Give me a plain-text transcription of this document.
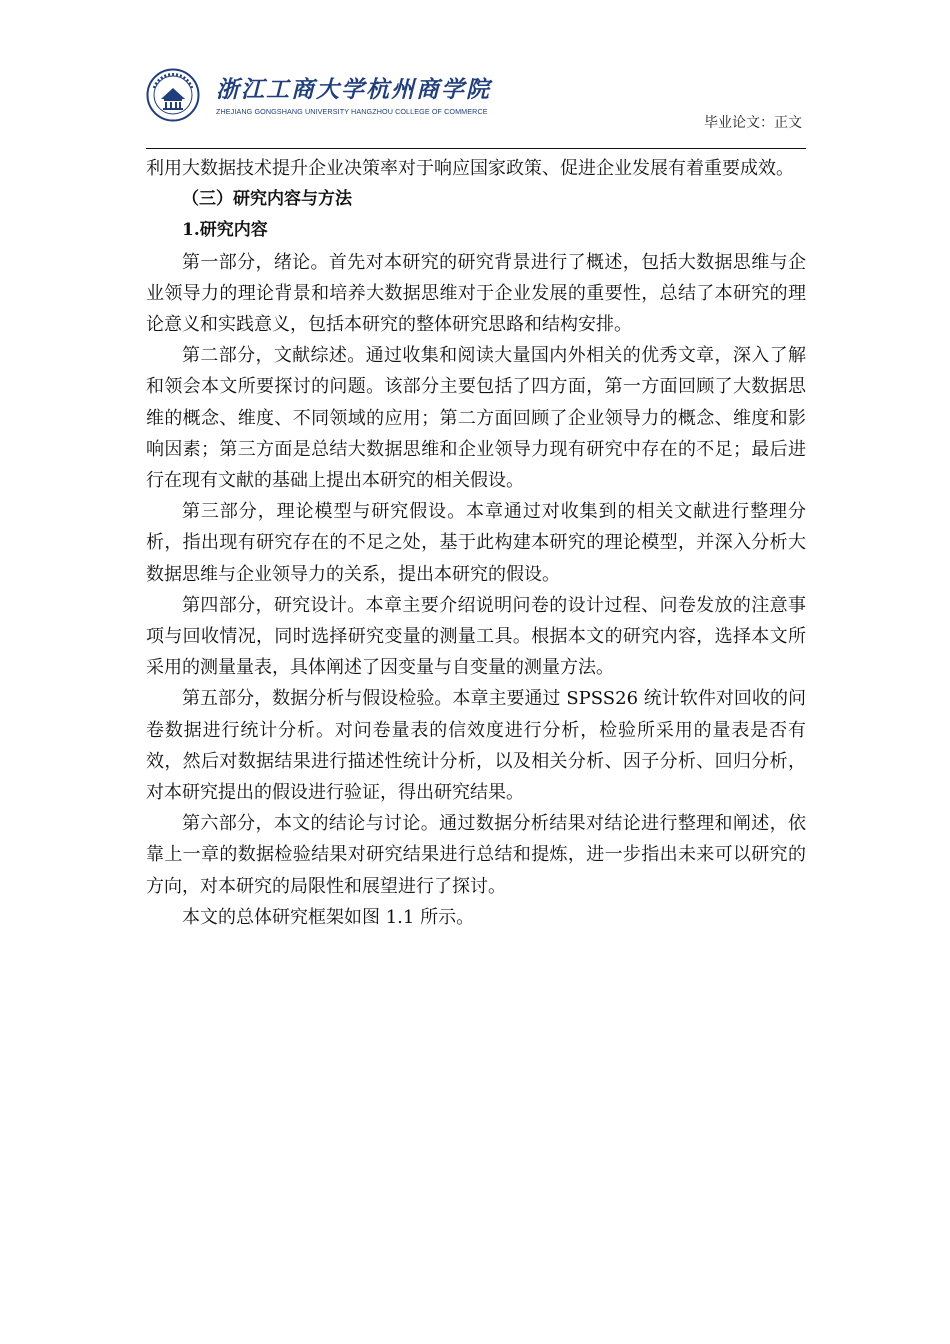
浙江工商大学杭州商学院
ZHEJIANG GONGSHANG UNIVERSITY HANGZHOU COLLEGE OF COMMERCE
毕业论文：正文

利用大数据技术提升企业决策率对于响应国家政策、促进企业发展有着重要成效。

（三）研究内容与方法
1.研究内容

第一部分，绪论。首先对本研究的研究背景进行了概述，包括大数据思维与企业领导力的理论背景和培养大数据思维对于企业发展的重要性，总结了本研究的理论意义和实践意义，包括本研究的整体研究思路和结构安排。

第二部分，文献综述。通过收集和阅读大量国内外相关的优秀文章，深入了解和领会本文所要探讨的问题。该部分主要包括了四方面，第一方面回顾了大数据思维的概念、维度、不同领域的应用；第二方面回顾了企业领导力的概念、维度和影响因素；第三方面是总结大数据思维和企业领导力现有研究中存在的不足；最后进行在现有文献的基础上提出本研究的相关假设。

第三部分，理论模型与研究假设。本章通过对收集到的相关文献进行整理分析，指出现有研究存在的不足之处，基于此构建本研究的理论模型，并深入分析大数据思维与企业领导力的关系，提出本研究的假设。

第四部分，研究设计。本章主要介绍说明问卷的设计过程、问卷发放的注意事项与回收情况，同时选择研究变量的测量工具。根据本文的研究内容，选择本文所采用的测量量表，具体阐述了因变量与自变量的测量方法。

第五部分，数据分析与假设检验。本章主要通过 SPSS26 统计软件对回收的问卷数据进行统计分析。对问卷量表的信效度进行分析，检验所采用的量表是否有效，然后对数据结果进行描述性统计分析，以及相关分析、因子分析、回归分析，对本研究提出的假设进行验证，得出研究结果。

第六部分，本文的结论与讨论。通过数据分析结果对结论进行整理和阐述，依靠上一章的数据检验结果对研究结果进行总结和提炼，进一步指出未来可以研究的方向，对本研究的局限性和展望进行了探讨。

本文的总体研究框架如图 1.1 所示。
